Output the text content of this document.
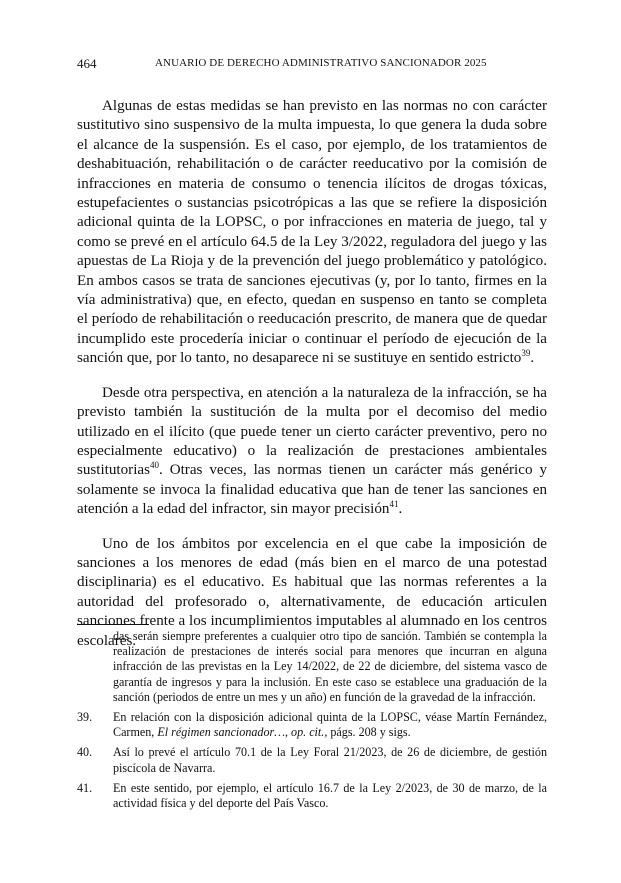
464	ANUARIO DE DERECHO ADMINISTRATIVO SANCIONADOR 2025

Algunas de estas medidas se han previsto en las normas no con carácter sustitutivo sino suspensivo de la multa impuesta, lo que genera la duda sobre el alcance de la suspensión. Es el caso, por ejemplo, de los tratamientos de deshabituación, rehabilitación o de carácter reeducativo por la comisión de infracciones en materia de consumo o tenencia ilícitos de drogas tóxicas, estupefacientes o sustancias psicotrópicas a las que se refiere la disposición adicional quinta de la LOPSC, o por infracciones en materia de juego, tal y como se prevé en el artículo 64.5 de la Ley 3/2022, reguladora del juego y las apuestas de La Rioja y de la prevención del juego problemático y patológico. En ambos casos se trata de sanciones ejecutivas (y, por lo tanto, firmes en la vía administrativa) que, en efecto, quedan en suspenso en tanto se completa el período de rehabilitación o reeducación prescrito, de manera que de quedar incumplido este procedería iniciar o continuar el período de ejecución de la sanción que, por lo tanto, no desaparece ni se sustituye en sentido estricto$^{39}$.

Desde otra perspectiva, en atención a la naturaleza de la infracción, se ha previsto también la sustitución de la multa por el decomiso del medio utilizado en el ilícito (que puede tener un cierto carácter preventivo, pero no especialmente educativo) o la realización de prestaciones ambientales sustitutorias$^{40}$. Otras veces, las normas tienen un carácter más genérico y solamente se invoca la finalidad educativa que han de tener las sanciones en atención a la edad del infractor, sin mayor precisión$^{41}$.

Uno de los ámbitos por excelencia en el que cabe la imposición de sanciones a los menores de edad (más bien en el marco de una potestad disciplinaria) es el educativo. Es habitual que las normas referentes a la autoridad del profesorado o, alternativamente, de educación articulen sanciones frente a los incumplimientos imputables al alumnado en los centros escolares.

das serán siempre preferentes a cualquier otro tipo de sanción. También se contempla la realización de prestaciones de interés social para menores que incurran en alguna infracción de las previstas en la Ley 14/2022, de 22 de diciembre, del sistema vasco de garantía de ingresos y para la inclusión. En este caso se establece una graduación de la sanción (periodos de entre un mes y un año) en función de la gravedad de la infracción.

39.	En relación con la disposición adicional quinta de la LOPSC, véase Martín Fernández, Carmen, El régimen sancionador…, op. cit., págs. 208 y sigs.
40.	Así lo prevé el artículo 70.1 de la Ley Foral 21/2023, de 26 de diciembre, de gestión piscícola de Navarra.
41.	En este sentido, por ejemplo, el artículo 16.7 de la Ley 2/2023, de 30 de marzo, de la actividad física y del deporte del País Vasco.
